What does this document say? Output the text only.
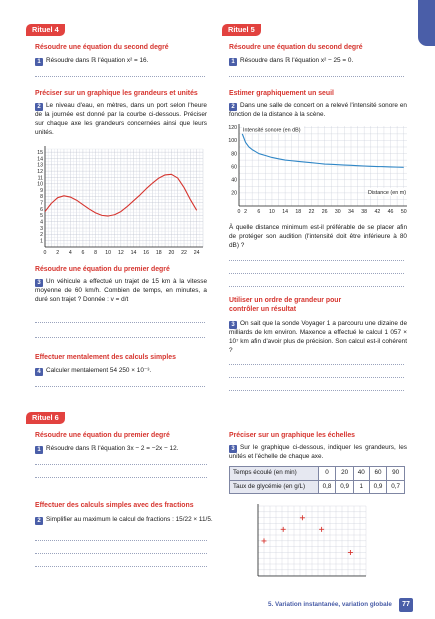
Rituel 4
Résoudre une équation du second degré
1 Résoudre dans ℝ l'équation x² = 16.
Préciser sur un graphique les grandeurs et unités
2 Le niveau d'eau, en mètres, dans un port selon l'heure de la journée est donné par la courbe ci-dessous. Préciser sur chaque axe les grandeurs concernées ainsi que leurs unités.
0 2 4 6 8 10 12 14 16 18 20 22 24
1
2
3
4
5
6
7
8
9
10
11
12
13
14
15
Résoudre une équation du premier degré
3 Un véhicule a effectué un trajet de 15 km à la vitesse moyenne de 60 km/h. Combien de temps, en minutes, a duré son trajet ? Donnée : v = d/t
Effectuer mentalement des calculs simples
4 Calculer mentalement 54 250 × 10⁻³.
Rituel 5
Résoudre une équation du second degré
1 Résoudre dans ℝ l'équation x² − 25 = 0.
Estimer graphiquement un seuil
2 Dans une salle de concert on a relevé l'intensité sonore en fonction de la distance à la scène.
0 2 6 10 14 18 22 26 30 34 38 42 46 50
20
40
60
80
100
120 Intensité sonore (en dB)
Distance (en m)
À quelle distance minimum est-il préférable de se placer afin de protéger son audition (l'intensité doit être inférieure à 80 dB) ?
Utiliser un ordre de grandeur pour contrôler un résultat
3 On sait que la sonde Voyager 1 a parcouru une dizaine de milliards de km environ. Maxence a effectué le calcul 1 057 × 10⁷ km afin d'avoir plus de précision. Son calcul est-il cohérent ?
Rituel 6
Résoudre une équation du premier degré
1 Résoudre dans ℝ l'équation 3x − 2 = −2x − 12.
Effectuer des calculs simples avec des fractions
2 Simplifier au maximum le calcul de fractions : 15/22 × 11/5.
Préciser sur un graphique les échelles
3 Sur le graphique ci-dessous, indiquer les grandeurs, les unités et l'échelle de chaque axe.
Temps écoulé (en min)	0	20	40	60	90
Taux de glycémie (en g/L)	0,8	0,9	1	0,9	0,7
5. Variation instantanée, variation globale	77
